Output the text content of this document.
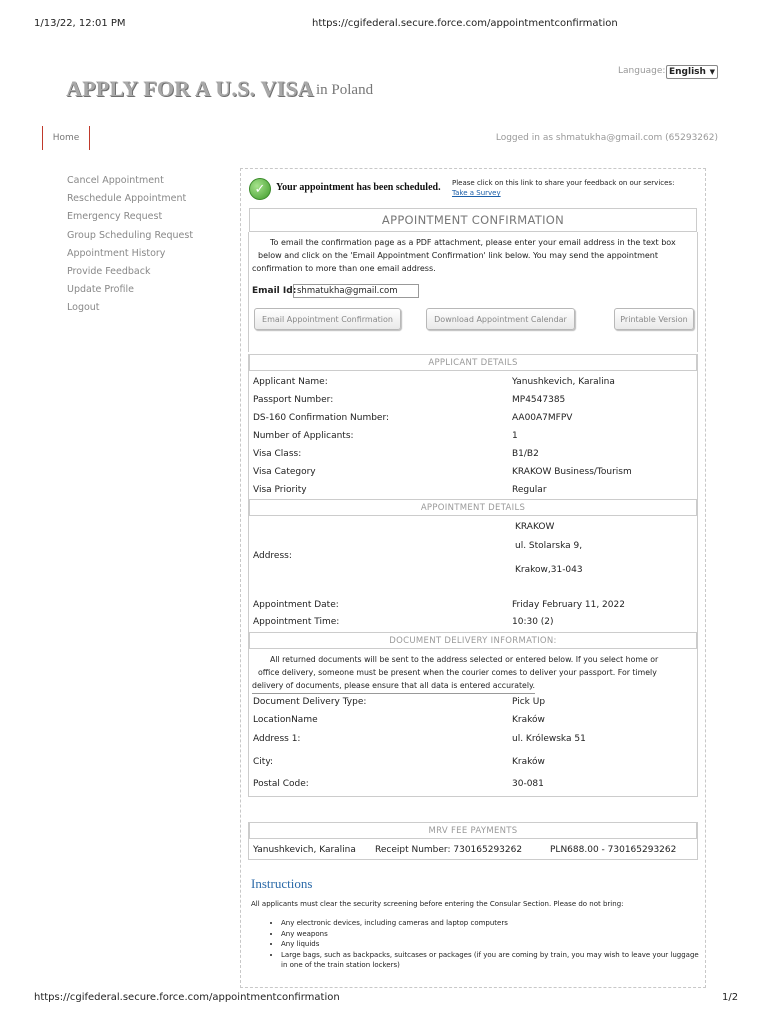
1/13/22, 12:01 PM	https://cgifederal.secure.force.com/appointmentconfirmation
https://cgifederal.secure.force.com/appointmentconfirmation	1/2
APPLY FOR A U.S. VISA in Poland
Language: English ▼
Home	Logged in as shmatukha@gmail.com (65293262)
Cancel Appointment
Reschedule Appointment
Emergency Request
Group Scheduling Request
Appointment History
Provide Feedback
Update Profile
Logout
✓	Your appointment has been scheduled. Please click on this link to share your feedback on our services:
Take a Survey
APPOINTMENT CONFIRMATION
To email the confirmation page as a PDF attachment, please enter your email address in the text box
below and click on the 'Email Appointment Confirmation' link below. You may send the appointment
confirmation to more than one email address.
Email Id: shmatukha@gmail.com
Email Appointment Confirmation	Download Appointment Calendar	Printable Version
APPLICANT DETAILS
Applicant Name:	Yanushkevich, Karalina
Passport Number:	MP4547385
DS-160 Confirmation Number:	AA00A7MFPV
Number of Applicants:	1
Visa Class:	B1/B2
Visa Category	KRAKOW Business/Tourism
Visa Priority	Regular
APPOINTMENT DETAILS
Address:
KRAKOW
ul. Stolarska 9,
Krakow,31-043
Appointment Date:	Friday February 11, 2022
Appointment Time:	10:30 (2)
DOCUMENT DELIVERY INFORMATION:
All returned documents will be sent to the address selected or entered below. If you select home or
office delivery, someone must be present when the courier comes to deliver your passport. For timely
delivery of documents, please ensure that all data is entered accurately.
Document Delivery Type:	Pick Up
LocationName	Kraków
Address 1:	ul. Królewska 51
City:	Kraków
Postal Code:	30-081
MRV FEE PAYMENTS
Yanushkevich, Karalina Receipt Number: 730165293262	PLN688.00 - 730165293262
Instructions
All applicants must clear the security screening before entering the Consular Section. Please do not bring:
• Any electronic devices, including cameras and laptop computers
• Any weapons
• Any liquids
• Large bags, such as backpacks, suitcases or packages (if you are coming by train, you may wish to leave your luggage in one of the train station lockers)
